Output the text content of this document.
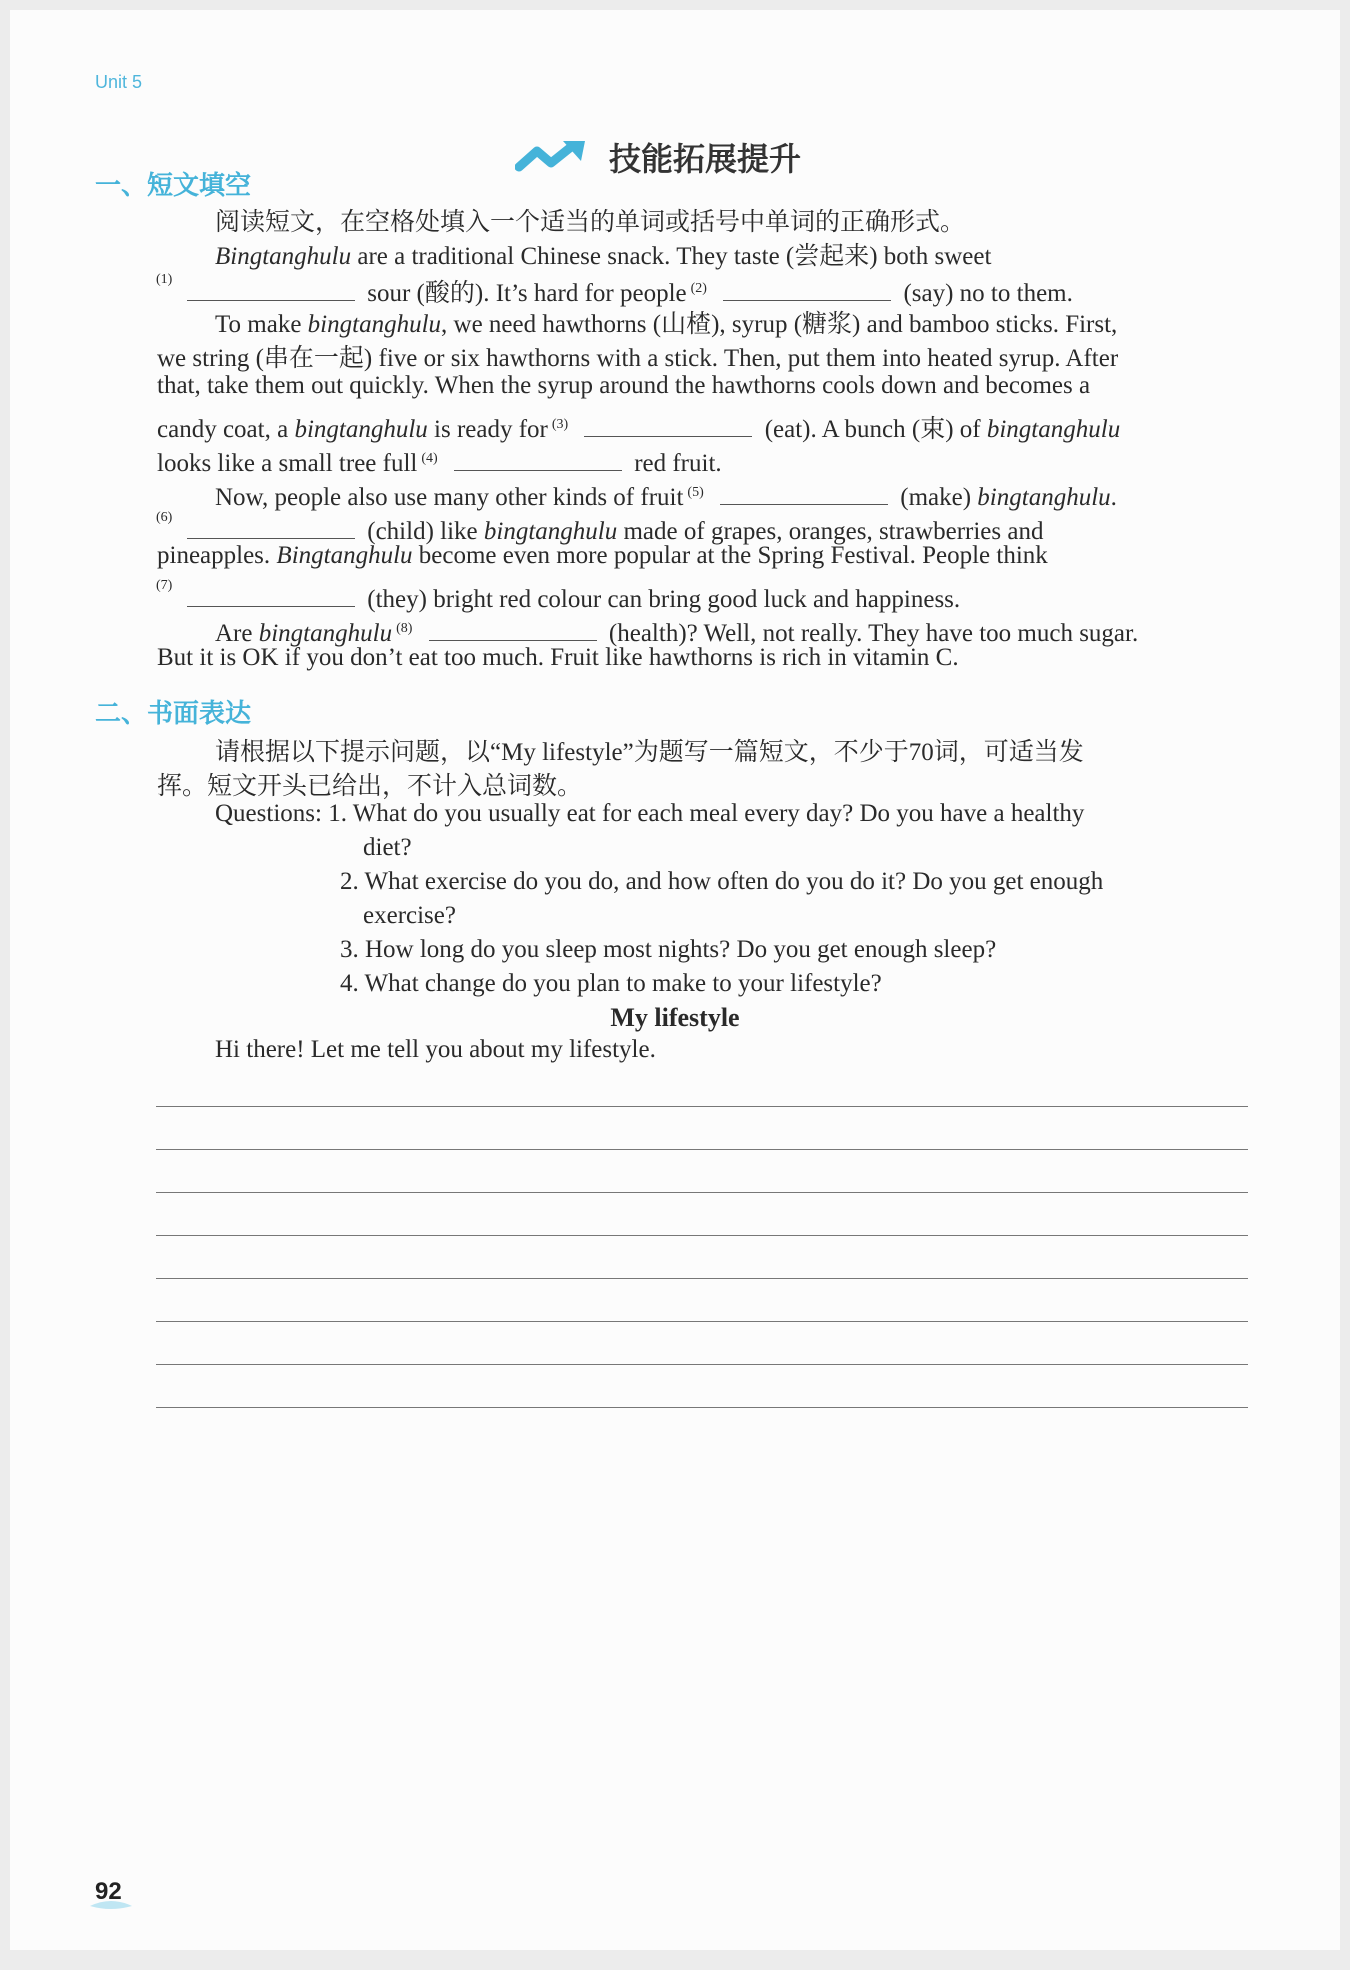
Unit 5
技能拓展提升
一、短文填空
阅读短文，在空格处填入一个适当的单词或括号中单词的正确形式。
Bingtanghulu are a traditional Chinese snack. They taste (尝起来) both sweet
(1)
sour (酸的). It’s hard for people $^{(2)}$	(say) no to them.
To make bingtanghulu, we need hawthorns (山楂), syrup (糖浆) and bamboo sticks. First,
we string (串在一起) five or six hawthorns with a stick. Then, put them into heated syrup. After
that, take them out quickly. When the syrup around the hawthorns cools down and becomes a
candy coat, a bingtanghulu is ready for $^{(3)}$	(eat). A bunch (束) of bingtanghulu
looks like a small tree full $^{(4)}$	red fruit.
Now, people also use many other kinds of fruit $^{(5)}$	(make) bingtanghulu.
(6)
(child) like bingtanghulu made of grapes, oranges, strawberries and
pineapples. Bingtanghulu become even more popular at the Spring Festival. People think
(7)
(they) bright red colour can bring good luck and happiness.
Are bingtanghulu $^{(8)}$	(health)? Well, not really. They have too much sugar.
But it is OK if you don’t eat too much. Fruit like hawthorns is rich in vitamin C.
二、书面表达
请根据以下提示问题，以“My lifestyle”为题写一篇短文，不少于70词，可适当发
挥。短文开头已给出，不计入总词数。
Questions: 1. What do you usually eat for each meal every day? Do you have a healthy
diet?
2. What exercise do you do, and how often do you do it? Do you get enough
exercise?
3. How long do you sleep most nights? Do you get enough sleep?
4. What change do you plan to make to your lifestyle?
My lifestyle
Hi there! Let me tell you about my lifestyle.
92
